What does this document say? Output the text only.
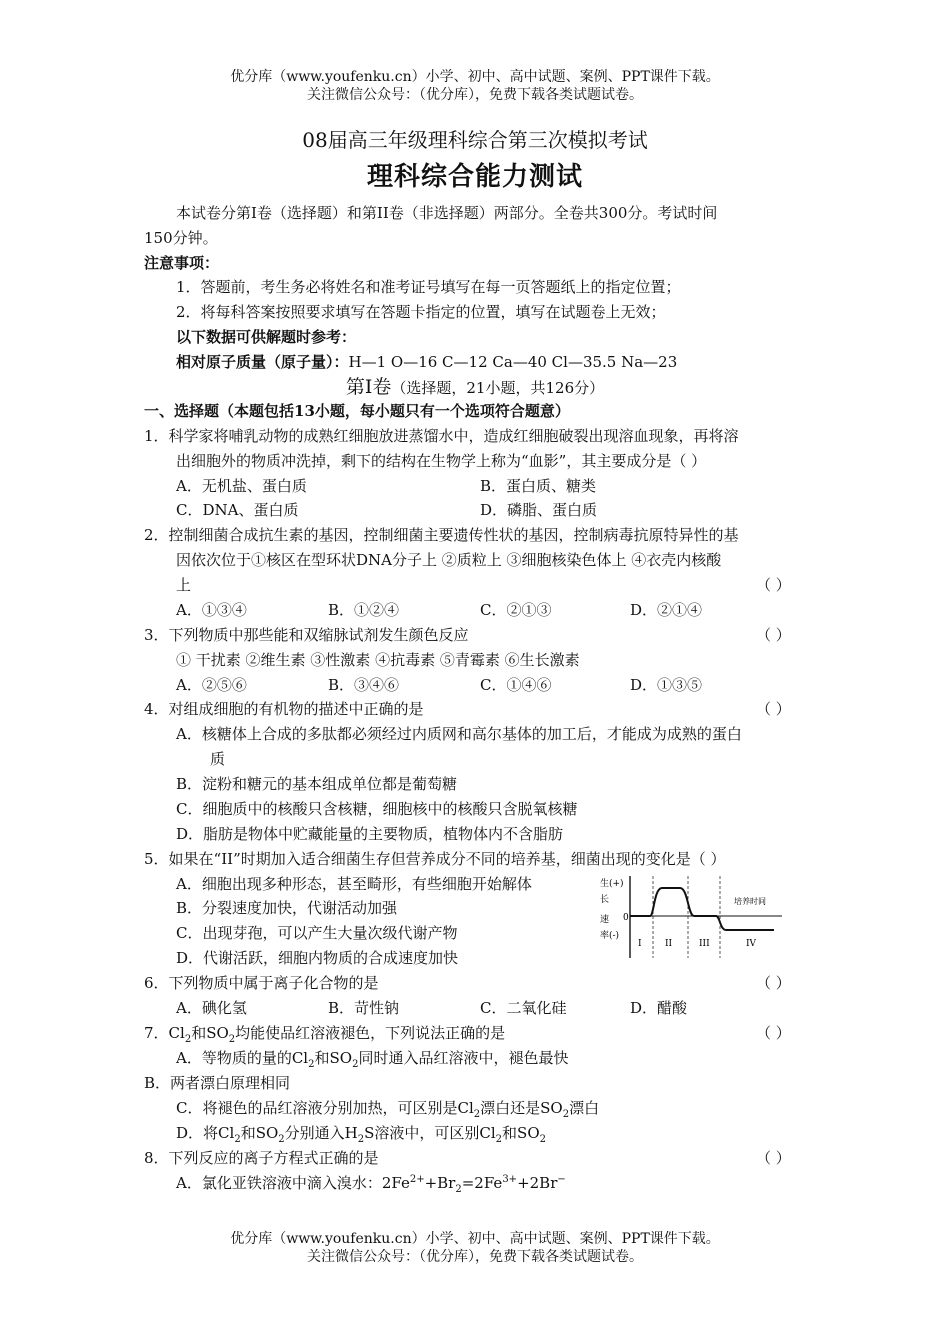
优分库（www.youfenku.cn）小学、初中、高中试题、案例、PPT课件下载。
关注微信公众号：（优分库），免费下载各类试题试卷。
08届高三年级理科综合第三次模拟考试
理科综合能力测试
本试卷分第I卷（选择题）和第II卷（非选择题）两部分。全卷共300分。考试时间
150分钟。
注意事项：
1．答题前，考生务必将姓名和准考证号填写在每一页答题纸上的指定位置；
2．将每科答案按照要求填写在答题卡指定的位置，填写在试题卷上无效；
以下数据可供解题时参考：
相对原子质量（原子量）：H—1 O—16 C—12 Ca—40 Cl—35.5 Na—23
第I卷（选择题，21小题，共126分）
一、选择题（本题包括13小题，每小题只有一个选项符合题意）
1．科学家将哺乳动物的成熟红细胞放进蒸馏水中，造成红细胞破裂出现溶血现象，再将溶
出细胞外的物质冲洗掉，剩下的结构在生物学上称为“血影”，其主要成分是（ ）
A．无机盐、蛋白质	B．蛋白质、糖类
C．DNA、蛋白质	D．磷脂、蛋白质
2．控制细菌合成抗生素的基因，控制细菌主要遗传性状的基因，控制病毒抗原特异性的基
因依次位于①核区在型环状DNA分子上 ②质粒上 ③细胞核染色体上 ④衣壳内核酸
上	（ ）
A．①③④	B．①②④	C．②①③	D．②①④
3．下列物质中那些能和双缩脉试剂发生颜色反应	（ ）
① 干扰素 ②维生素 ③性激素 ④抗毒素 ⑤青霉素 ⑥生长激素
A．②⑤⑥	B．③④⑥	C．①④⑥	D．①③⑤
4．对组成细胞的有机物的描述中正确的是	（ ）
A．核糖体上合成的多肽都必须经过内质网和高尔基体的加工后，才能成为成熟的蛋白
质
B．淀粉和糖元的基本组成单位都是葡萄糖
C．细胞质中的核酸只含核糖，细胞核中的核酸只含脱氧核糖
D．脂肪是物体中贮藏能量的主要物质，植物体内不含脂肪
5．如果在“II”时期加入适合细菌生存但营养成分不同的培养基，细菌出现的变化是（ ）
A．细胞出现多种形态，甚至畸形，有些细胞开始解体
B．分裂速度加快，代谢活动加强
C．出现芽孢，可以产生大量次级代谢产物
D．代谢活跃，细胞内物质的合成速度加快
生(+)
长
速
率(-)
0
培养时间
I	II	III	IV
6．下列物质中属于离子化合物的是	（ ）
A．碘化氢	B．苛性钠	C．二氧化硅	D．醋酸
7．$Cl_2$和$SO_2$均能使品红溶液褪色，下列说法正确的是	（ ）
A．等物质的量的$Cl_2$和$SO_2$同时通入品红溶液中，褪色最快
B．两者漂白原理相同
C．将褪色的品红溶液分别加热，可区别是$Cl_2$漂白还是$SO_2$漂白
D．将$Cl_2$和$SO_2$分别通入$H_2S$溶液中，可区别$Cl_2$和$SO_2$
8．下列反应的离子方程式正确的是	（ ）
A．氯化亚铁溶液中滴入溴水：$2Fe^{2+}+Br_2=2Fe^{3+}+2Br^-$
优分库（www.youfenku.cn）小学、初中、高中试题、案例、PPT课件下载。
关注微信公众号：（优分库），免费下载各类试题试卷。
